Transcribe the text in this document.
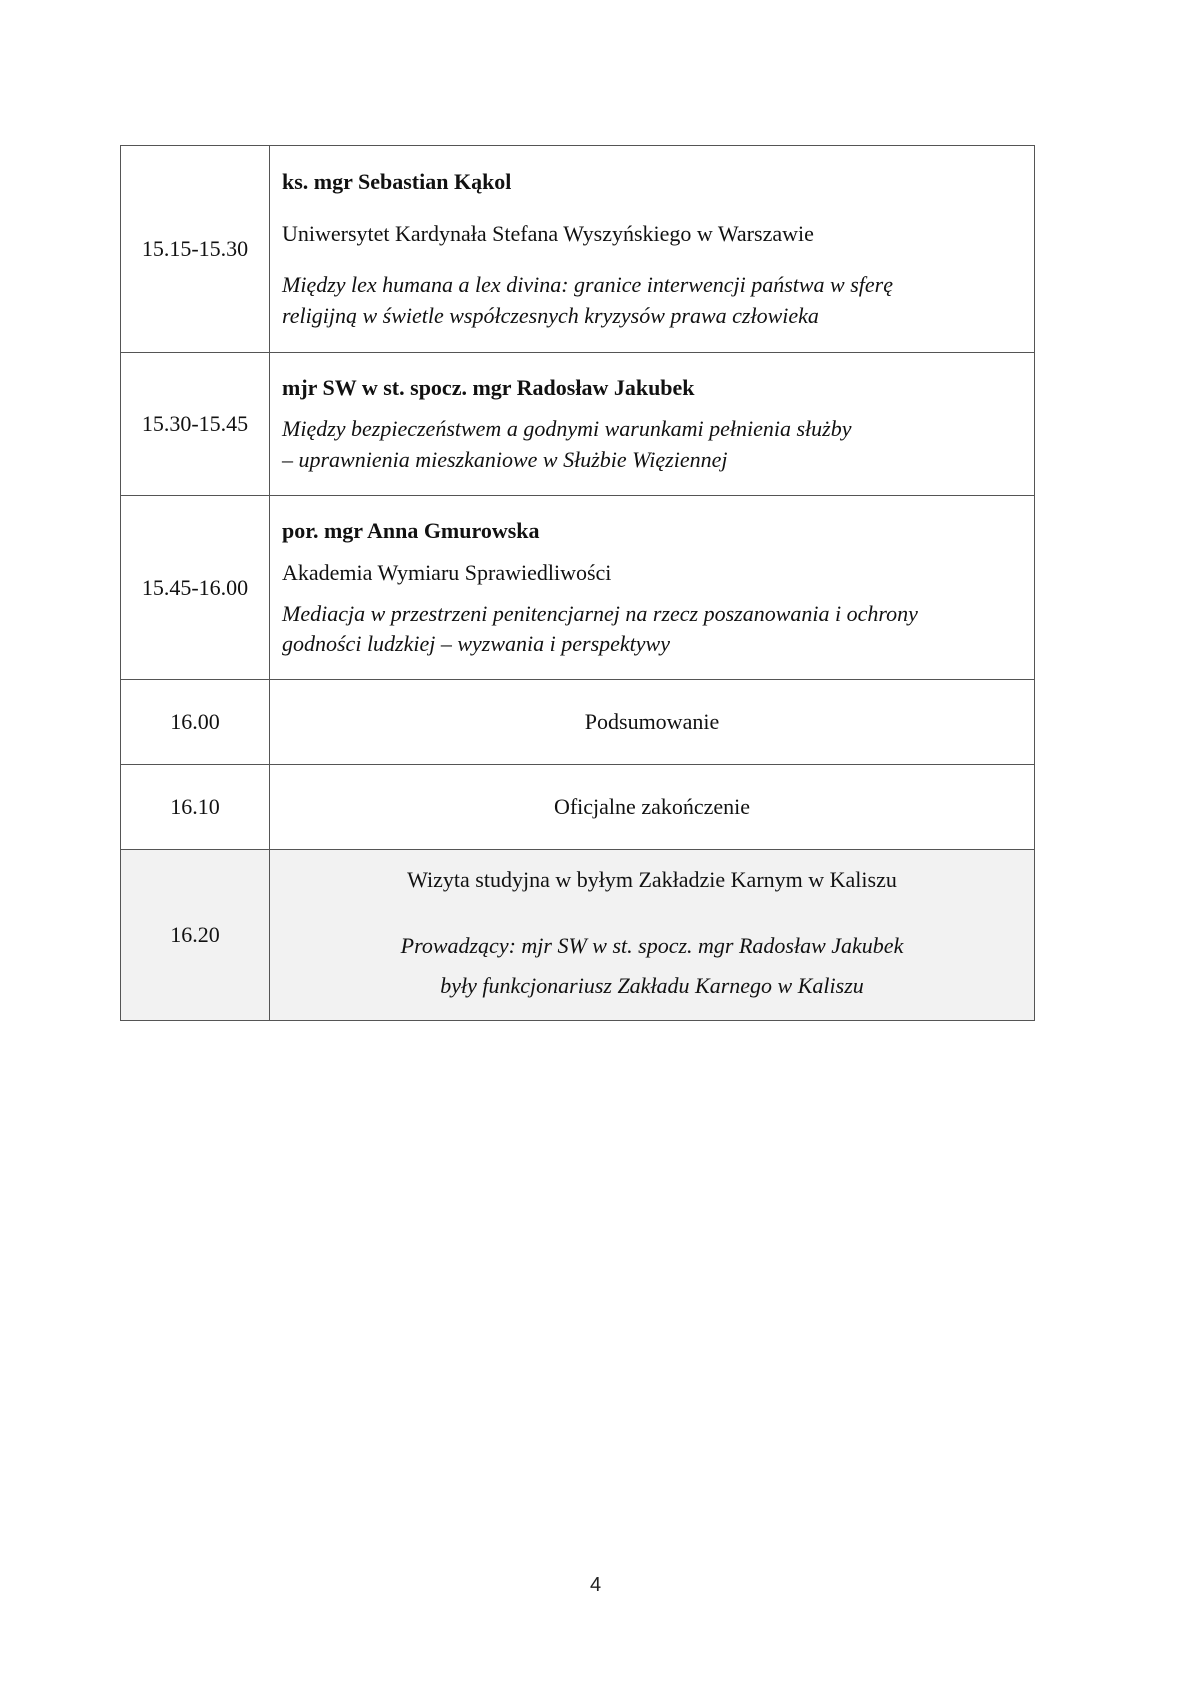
15.15-15.30	ks. mgr Sebastian Kąkol
Uniwersytet Kardynała Stefana Wyszyńskiego w Warszawie
Między lex humana a lex divina: granice interwencji państwa w sferę
religijną w świetle współczesnych kryzysów prawa człowieka

15.30-15.45	mjr SW w st. spocz. mgr Radosław Jakubek
Między bezpieczeństwem a godnymi warunkami pełnienia służby
– uprawnienia mieszkaniowe w Służbie Więziennej

15.45-16.00	por. mgr Anna Gmurowska
Akademia Wymiaru Sprawiedliwości
Mediacja w przestrzeni penitencjarnej na rzecz poszanowania i ochrony
godności ludzkiej – wyzwania i perspektywy

16.00	Podsumowanie
16.10	Oficjalne zakończenie
16.20	Wizyta studyjna w byłym Zakładzie Karnym w Kaliszu
Prowadzący: mjr SW w st. spocz. mgr Radosław Jakubek
były funkcjonariusz Zakładu Karnego w Kaliszu
4
